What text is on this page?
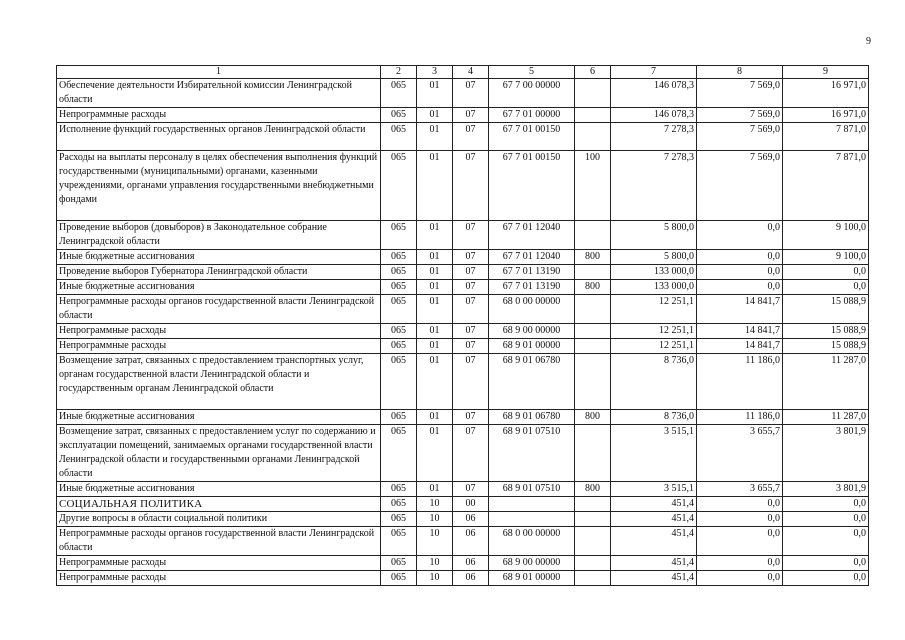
9
1	2	3	4	5	6	7	8	9
Обеспечение деятельности Избирательной комиссии Ленинградской области	065	01	07	67 7 00 00000		146 078,3	7 569,0	16 971,0
Непрограммные расходы	065	01	07	67 7 01 00000		146 078,3	7 569,0	16 971,0
Исполнение функций государственных органов Ленинградской области	065	01	07	67 7 01 00150		7 278,3	7 569,0	7 871,0
Расходы на выплаты персоналу в целях обеспечения выполнения функций государственными (муниципальными) органами, казенными учреждениями, органами управления государственными внебюджетными фондами	065	01	07	67 7 01 00150	100	7 278,3	7 569,0	7 871,0
Проведение выборов (довыборов) в Законодательное собрание Ленинградской области	065	01	07	67 7 01 12040		5 800,0	0,0	9 100,0
Иные бюджетные ассигнования	065	01	07	67 7 01 12040	800	5 800,0	0,0	9 100,0
Проведение выборов Губернатора Ленинградской области	065	01	07	67 7 01 13190		133 000,0	0,0	0,0
Иные бюджетные ассигнования	065	01	07	67 7 01 13190	800	133 000,0	0,0	0,0
Непрограммные расходы органов государственной власти Ленинградской области	065	01	07	68 0 00 00000		12 251,1	14 841,7	15 088,9
Непрограммные расходы	065	01	07	68 9 00 00000		12 251,1	14 841,7	15 088,9
Непрограммные расходы	065	01	07	68 9 01 00000		12 251,1	14 841,7	15 088,9
Возмещение затрат, связанных с предоставлением транспортных услуг, органам государственной власти Ленинградской области и государственным органам Ленинградской области	065	01	07	68 9 01 06780		8 736,0	11 186,0	11 287,0
Иные бюджетные ассигнования	065	01	07	68 9 01 06780	800	8 736,0	11 186,0	11 287,0
Возмещение затрат, связанных с предоставлением услуг по содержанию и эксплуатации помещений, занимаемых органами государственной власти Ленинградской области и государственными органами Ленинградской области	065	01	07	68 9 01 07510		3 515,1	3 655,7	3 801,9
Иные бюджетные ассигнования	065	01	07	68 9 01 07510	800	3 515,1	3 655,7	3 801,9
СОЦИАЛЬНАЯ ПОЛИТИКА	065	10	00			451,4	0,0	0,0
Другие вопросы в области социальной политики	065	10	06			451,4	0,0	0,0
Непрограммные расходы органов государственной власти Ленинградской области	065	10	06	68 0 00 00000		451,4	0,0	0,0
Непрограммные расходы	065	10	06	68 9 00 00000		451,4	0,0	0,0
Непрограммные расходы	065	10	06	68 9 01 00000		451,4	0,0	0,0
